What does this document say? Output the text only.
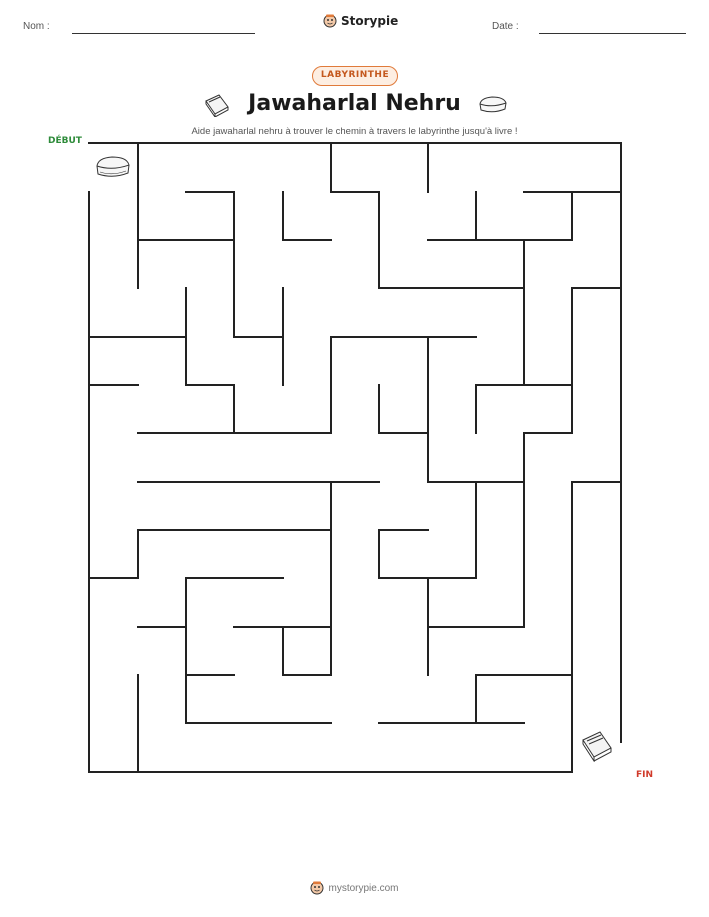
Nom :	Storypie	Date :
LABYRINTHE
Jawaharlal Nehru
Aide jawaharlal nehru à trouver le chemin à travers le labyrinthe jusqu'à livre !
DÉBUT
FIN
mystorypie.com
